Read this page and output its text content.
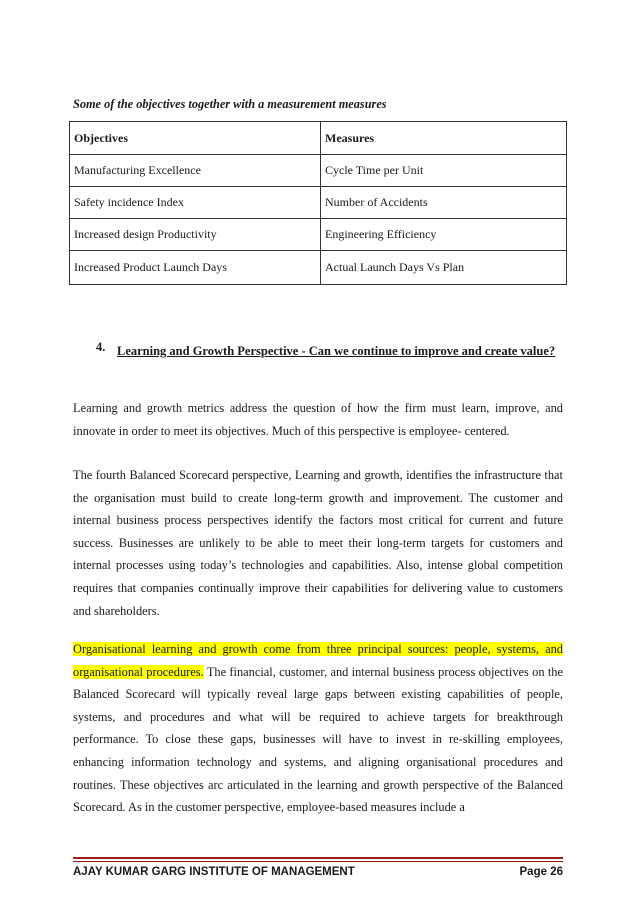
Some of the objectives together with a measurement measures
Objectives	Measures
Manufacturing Excellence	Cycle Time per Unit
Safety incidence Index	Number of Accidents
Increased design Productivity	Engineering Efficiency
Increased Product Launch Days	Actual Launch Days Vs Plan
4. Learning and Growth Perspective - Can we continue to improve and create value?

Learning and growth metrics address the question of how the firm must learn, improve, and innovate in order to meet its objectives. Much of this perspective is employee- centered.

The fourth Balanced Scorecard perspective, Learning and growth, identifies the infrastructure that the organisation must build to create long-term growth and improvement. The customer and internal business process perspectives identify the factors most critical for current and future success. Businesses are unlikely to be able to meet their long-term targets for customers and internal processes using today’s technologies and capabilities. Also, intense global competition requires that companies continually improve their capabilities for delivering value to customers and shareholders.

Organisational learning and growth come from three principal sources: people, systems, and organisational procedures. The financial, customer, and internal business process objectives on the Balanced Scorecard will typically reveal large gaps between existing capabilities of people, systems, and procedures and what will be required to achieve targets for breakthrough performance. To close these gaps, businesses will have to invest in re-skilling employees, enhancing information technology and systems, and aligning organisational procedures and routines. These objectives arc articulated in the learning and growth perspective of the Balanced Scorecard. As in the customer perspective, employee-based measures include a

AJAY KUMAR GARG INSTITUTE OF MANAGEMENT	Page 26
